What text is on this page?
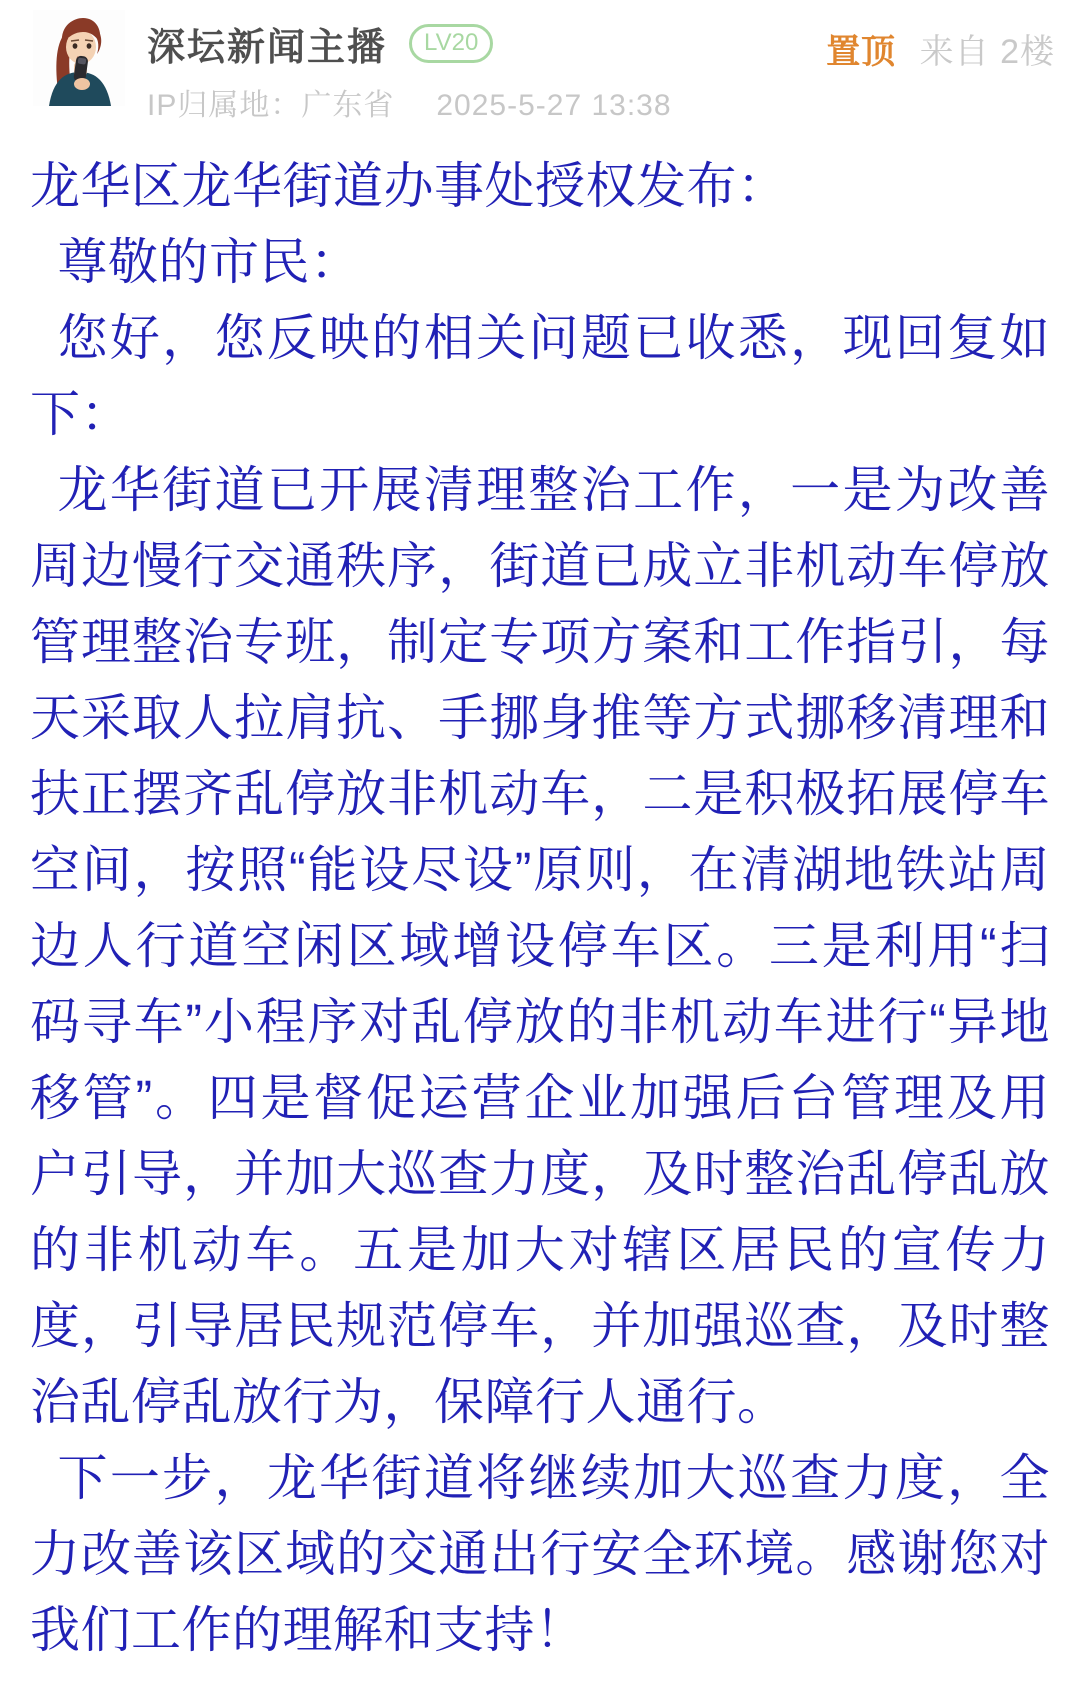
深坛新闻主播	LV20
IP归属地：广东省 2025-5-27 13:38
置顶 来自 2楼

龙华区龙华街道办事处授权发布：

尊敬的市民：

您好，您反映的相关问题已收悉，现回复如下：

龙华街道已开展清理整治工作，一是为改善周边慢行交通秩序，街道已成立非机动车停放管理整治专班，制定专项方案和工作指引，每天采取人拉肩抗、手挪身推等方式挪移清理和扶正摆齐乱停放非机动车，二是积极拓展停车空间，按照“能设尽设”原则，在清湖地铁站周边人行道空闲区域增设停车区。三是利用“扫码寻车”小程序对乱停放的非机动车进行“异地移管”。四是督促运营企业加强后台管理及用户引导，并加大巡查力度，及时整治乱停乱放的非机动车。五是加大对辖区居民的宣传力度，引导居民规范停车，并加强巡查，及时整治乱停乱放行为，保障行人通行。

下一步，龙华街道将继续加大巡查力度，全力改善该区域的交通出行安全环境。感谢您对我们工作的理解和支持！
